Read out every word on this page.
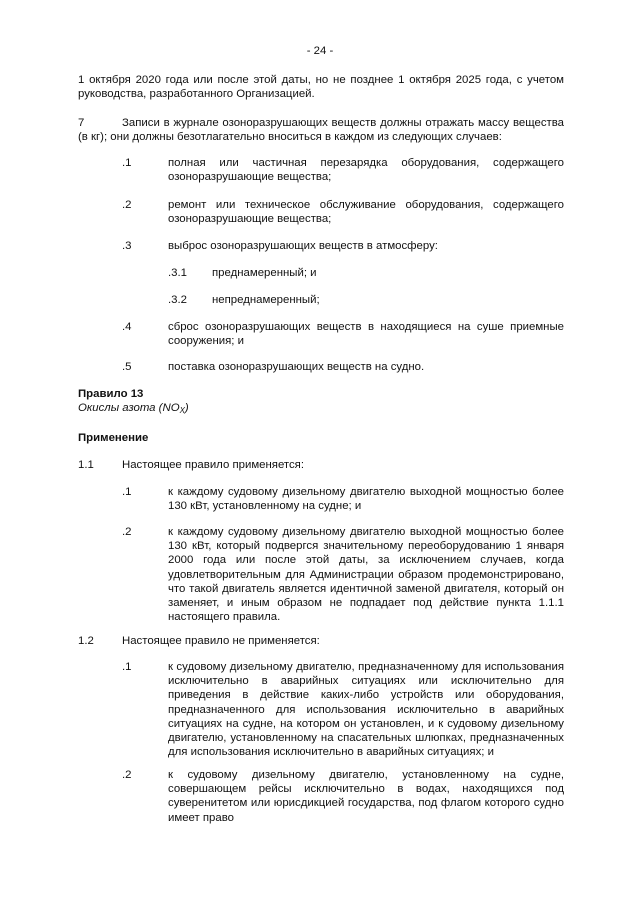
- 24 -
1 октября 2020 года или после этой даты, но не позднее 1 октября 2025 года, с учетом руководства, разработанного Организацией.
7	Записи в журнале озоноразрушающих веществ должны отражать массу вещества (в кг); они должны безотлагательно вноситься в каждом из следующих случаев:
.1	полная или частичная перезарядка оборудования, содержащего озоноразрушающие вещества;
.2	ремонт или техническое обслуживание оборудования, содержащего озоноразрушающие вещества;
.3	выброс озоноразрушающих веществ в атмосферу:
.3.1 преднамеренный; и
.3.2 непреднамеренный;
.4	сброс озоноразрушающих веществ в находящиеся на суше приемные сооружения; и
.5	поставка озоноразрушающих веществ на судно.
Правило 13
Окислы азота $(NO_X)$
Применение
1.1 Настоящее правило применяется:
.1	к каждому судовому дизельному двигателю выходной мощностью более 130 кВт, установленному на судне; и
.2	к каждому судовому дизельному двигателю выходной мощностью более 130 кВт, который подвергся значительному переоборудованию 1 января 2000 года или после этой даты, за исключением случаев, когда удовлетворительным для Администрации образом продемонстрировано, что такой двигатель является идентичной заменой двигателя, который он заменяет, и иным образом не подпадает под действие пункта 1.1.1 настоящего правила.
1.2 Настоящее правило не применяется:
.1	к судовому дизельному двигателю, предназначенному для использования исключительно в аварийных ситуациях или исключительно для приведения в действие каких-либо устройств или оборудования, предназначенного для использования исключительно в аварийных ситуациях на судне, на котором он установлен, и к судовому дизельному двигателю, установленному на спасательных шлюпках, предназначенных для использования исключительно в аварийных ситуациях; и
.2	к судовому дизельному двигателю, установленному на судне, совершающем рейсы исключительно в водах, находящихся под суверенитетом или юрисдикцией государства, под флагом которого судно имеет право
